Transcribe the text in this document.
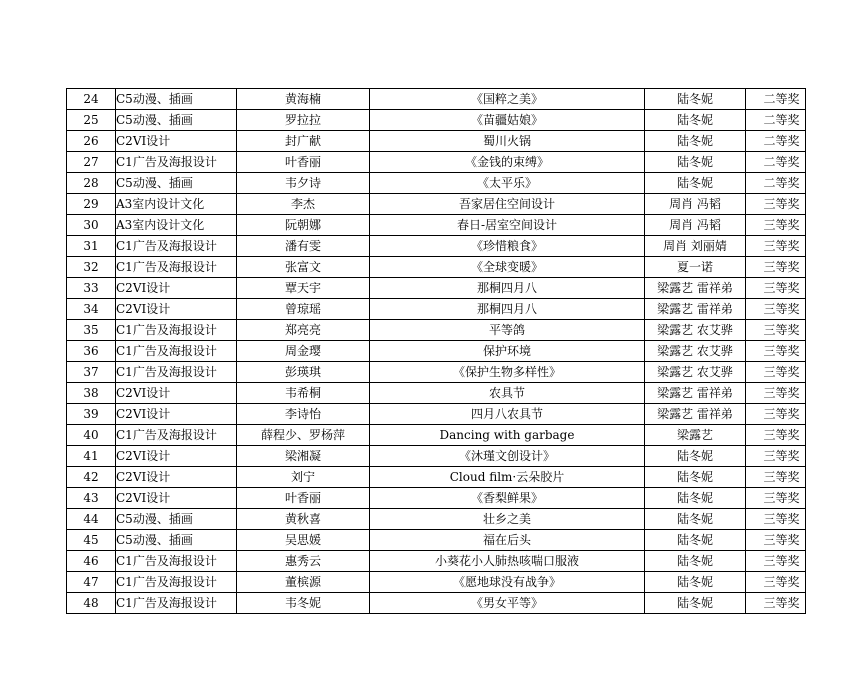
24	C5动漫、插画	黄海楠	《国粹之美》	陆冬妮	二等奖
25	C5动漫、插画	罗拉拉	《苗疆姑娘》	陆冬妮	二等奖
26	C2VI设计	封广献	蜀川火锅	陆冬妮	二等奖
27	C1广告及海报设计	叶香丽	《金钱的束缚》	陆冬妮	二等奖
28	C5动漫、插画	韦夕诗	《太平乐》	陆冬妮	二等奖
29	A3室内设计文化	李杰	吾家居住空间设计	周肖 冯韬	三等奖
30	A3室内设计文化	阮朝娜	春日-居室空间设计	周肖 冯韬	三等奖
31	C1广告及海报设计	潘有雯	《珍惜粮食》	周肖 刘丽婧	三等奖
32	C1广告及海报设计	张富文	《全球变暖》	夏一诺	三等奖
33	C2VI设计	覃天宇	那桐四月八	梁露艺 雷祥弟	三等奖
34	C2VI设计	曾琼瑶	那桐四月八	梁露艺 雷祥弟	三等奖
35	C1广告及海报设计	郑亮亮	平等鸽	梁露艺 农艾骅	三等奖
36	C1广告及海报设计	周金璎	保护环境	梁露艺 农艾骅	三等奖
37	C1广告及海报设计	彭瑛琪	《保护生物多样性》	梁露艺 农艾骅	三等奖
38	C2VI设计	韦希桐	农具节	梁露艺 雷祥弟	三等奖
39	C2VI设计	李诗怡	四月八农具节	梁露艺 雷祥弟	三等奖
40	C1广告及海报设计	薛程少、罗杨萍	Dancing with garbage	梁露艺	三等奖
41	C2VI设计	梁湘凝	《沐瑾文创设计》	陆冬妮	三等奖
42	C2VI设计	刘宁	Cloud film·云朵胶片	陆冬妮	三等奖
43	C2VI设计	叶香丽	《香梨鲜果》	陆冬妮	三等奖
44	C5动漫、插画	黄秋喜	壮乡之美	陆冬妮	三等奖
45	C5动漫、插画	吴思媛	福在后头	陆冬妮	三等奖
46	C1广告及海报设计	惠秀云	小葵花小人肺热咳喘口服液	陆冬妮	三等奖
47	C1广告及海报设计	董槟源	《愿地球没有战争》	陆冬妮	三等奖
48	C1广告及海报设计	韦冬妮	《男女平等》	陆冬妮	三等奖
